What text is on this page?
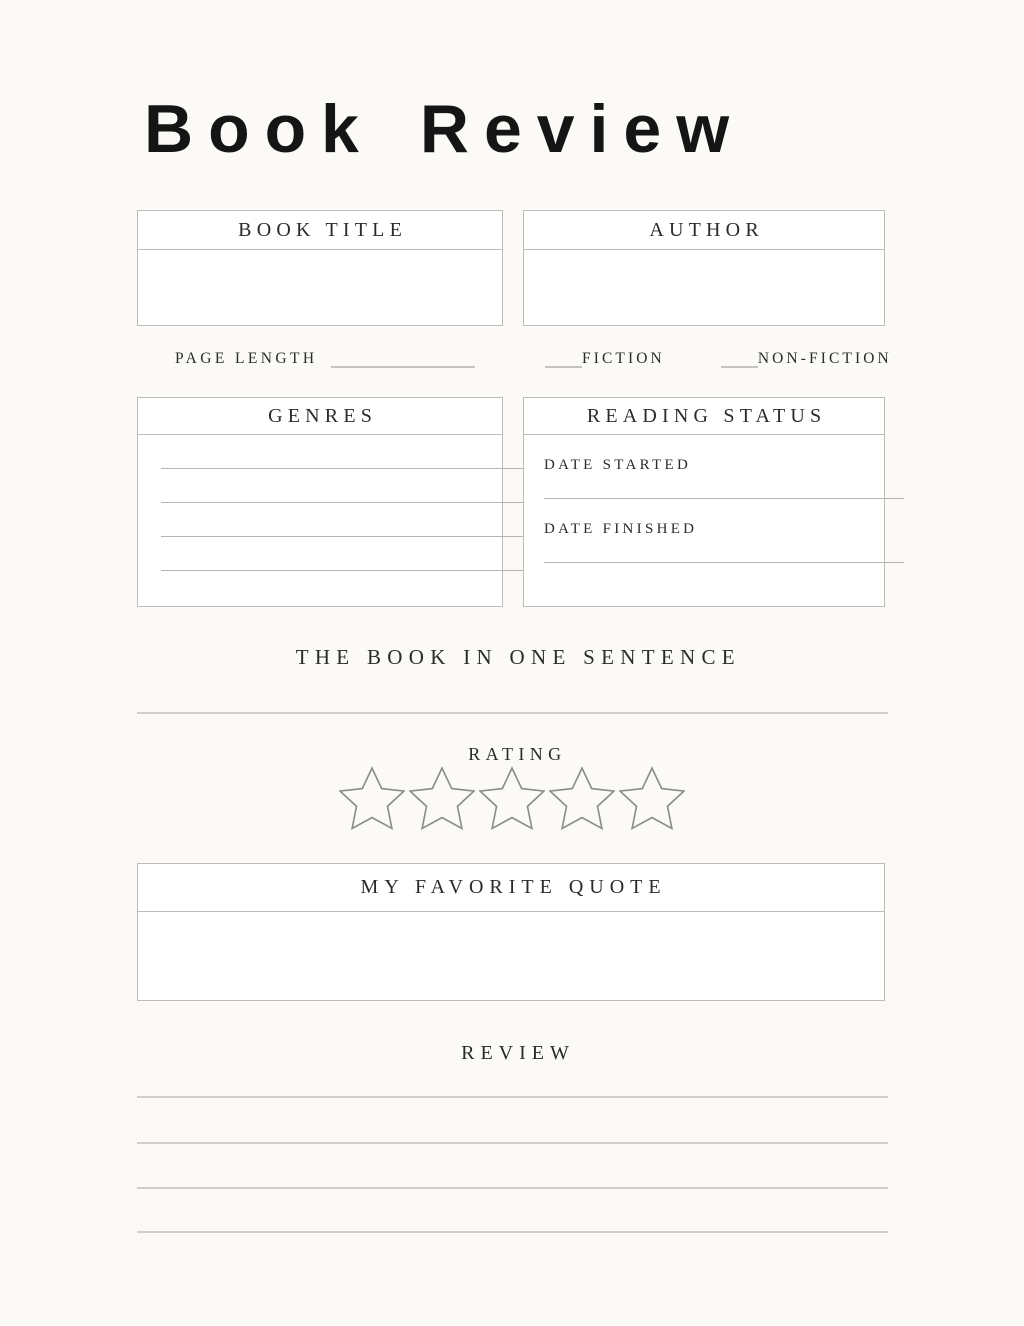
Book Review
BOOK TITLE	AUTHOR
PAGE LENGTH	FICTION	NON-FICTION
GENRES	READING STATUS
DATE STARTED
DATE FINISHED
THE BOOK IN ONE SENTENCE
RATING
MY FAVORITE QUOTE
REVIEW
